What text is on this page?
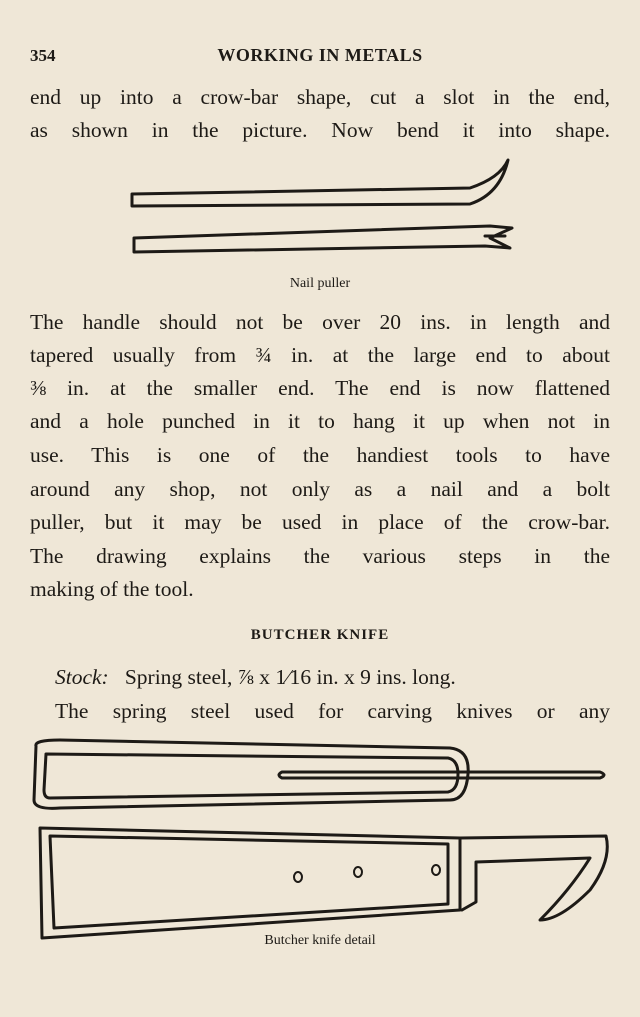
354	WORKING IN METALS
end up into a crow-bar shape, cut a slot in the end,
as shown in the picture. Now bend it into shape.
Nail puller
The handle should not be over 20 ins. in length and
tapered usually from ¾ in. at the large end to about
⅜ in. at the smaller end. The end is now flattened
and a hole punched in it to hang it up when not in
use. This is one of the handiest tools to have
around any shop, not only as a nail and a bolt
puller, but it may be used in place of the crow-bar.
The drawing explains the various steps in the
making of the tool.
BUTCHER KNIFE
Stock: Spring steel, ⅞ x 1⁄16 in. x 9 ins. long.
The spring steel used for carving knives or any
Butcher knife detail
